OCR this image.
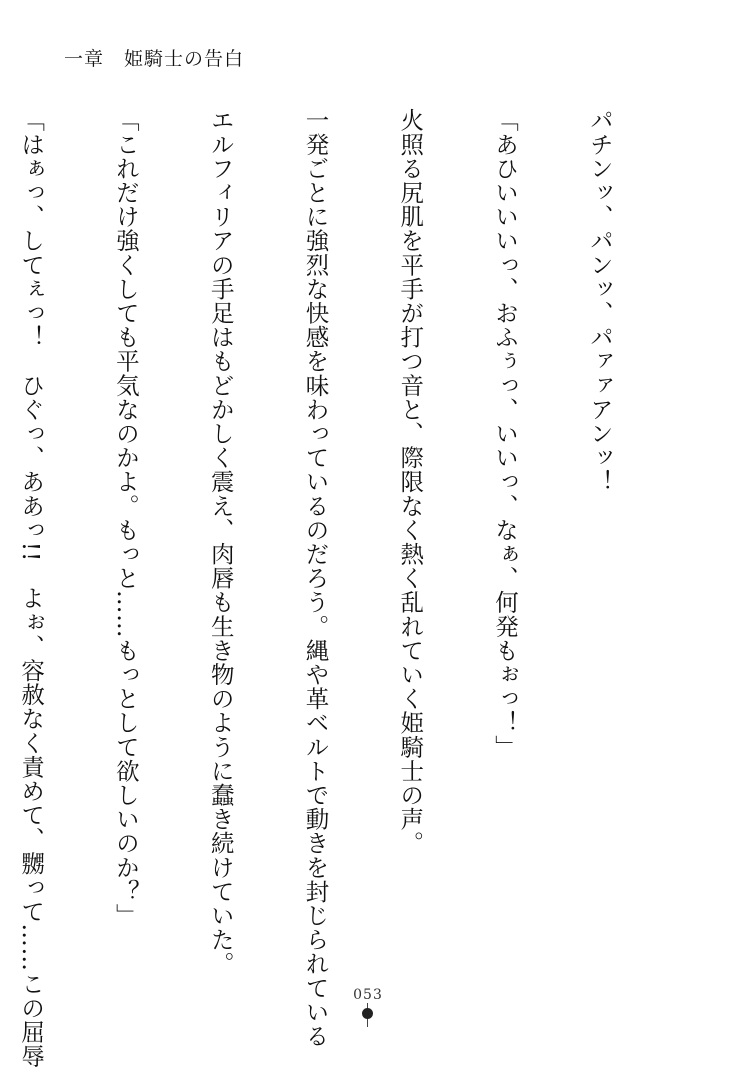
一章　 姫騎士の告白

パチンッ、パンッ、パァァアンッ！

「あひいいいっ、おふぅっ、いいっ、なぁ、何発もぉっ！」

火照る尻肌を平手が打つ音と、際限なく熱く乱れていく姫騎士の声。

一発ごとに強烈な快感を味わっているのだろう。縄や革ベルトで動きを封じられている

エルフィリアの手足はもどかしく震え、肉唇も生き物のように蠢き続けていた。

「これだけ強くしても平気なのかよ。もっと……もっとして欲しいのか？」

「はぁっ、してぇっ！　ひぐっ、ああっ!!　よぉ、容赦なく責めて、嬲って……この屈辱

	053
